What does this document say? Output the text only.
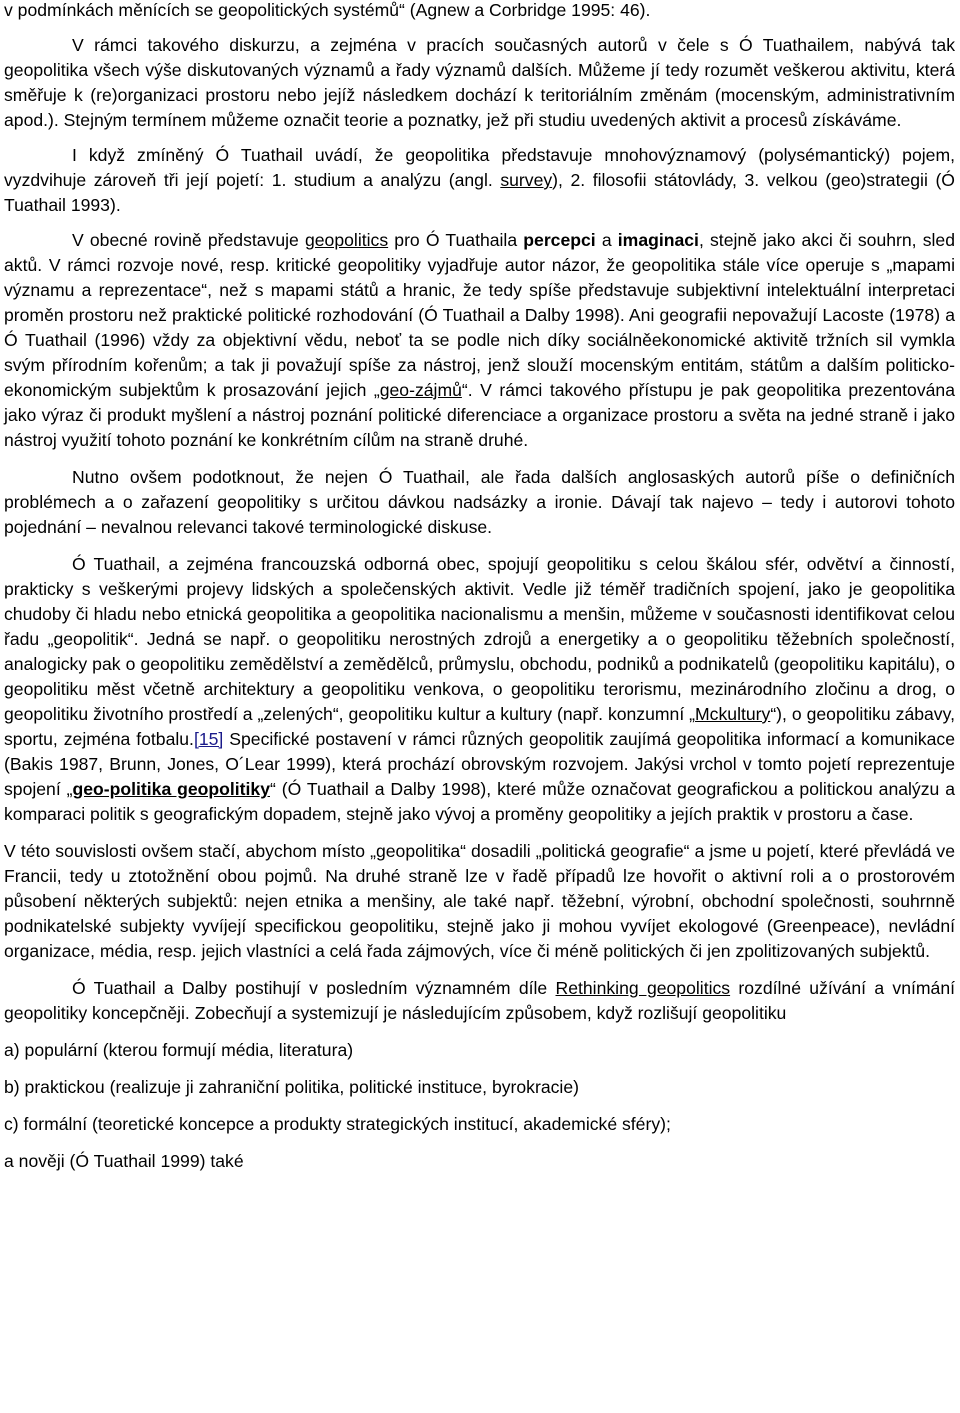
v podmínkách měnících se geopolitických systémů“ (Agnew a Corbridge 1995: 46).

V rámci takového diskurzu, a zejména v pracích současných autorů v čele s Ó Tuathailem, nabývá tak geopolitika všech výše diskutovaných významů a řady významů dalších. Můžeme jí tedy rozumět veškerou aktivitu, která směřuje k (re)organizaci prostoru nebo jejíž následkem dochází k teritoriálním změnám (mocenským, administrativním apod.). Stejným termínem můžeme označit teorie a poznatky, jež při studiu uvedených aktivit a procesů získáváme.

I když zmíněný Ó Tuathail uvádí, že geopolitika představuje mnohovýznamový (polysémantický) pojem, vyzdvihuje zároveň tři její pojetí: 1. studium a analýzu (angl. survey), 2. filosofii státovlády, 3. velkou (geo)strategii (Ó Tuathail 1993).

V obecné rovině představuje geopolitics pro Ó Tuathaila percepci a imaginaci, stejně jako akci či souhrn, sled aktů. V rámci rozvoje nové, resp. kritické geopolitiky vyjadřuje autor názor, že geopolitika stále více operuje s „mapami významu a reprezentace“, než s mapami států a hranic, že tedy spíše představuje subjektivní intelektuální interpretaci proměn prostoru než praktické politické rozhodování (Ó Tuathail a Dalby 1998). Ani geografii nepovažují Lacoste (1978) a Ó Tuathail (1996) vždy za objektivní vědu, neboť ta se podle nich díky sociálněekonomické aktivitě tržních sil vymkla svým přírodním kořenům; a tak ji považují spíše za nástroj, jenž slouží mocenským entitám, státům a dalším politicko-ekonomickým subjektům k prosazování jejich „geo-zájmů“. V rámci takového přístupu je pak geopolitika prezentována jako výraz či produkt myšlení a nástroj poznání politické diferenciace a organizace prostoru a světa na jedné straně i jako nástroj využití tohoto poznání ke konkrétním cílům na straně druhé.

Nutno ovšem podotknout, že nejen Ó Tuathail, ale řada dalších anglosaských autorů píše o definičních problémech a o zařazení geopolitiky s určitou dávkou nadsázky a ironie. Dávají tak najevo – tedy i autorovi tohoto pojednání – nevalnou relevanci takové terminologické diskuse.

Ó Tuathail, a zejména francouzská odborná obec, spojují geopolitiku s celou škálou sfér, odvětví a činností, prakticky s veškerými projevy lidských a společenských aktivit. Vedle již téměř tradičních spojení, jako je geopolitika chudoby či hladu nebo etnická geopolitika a geopolitika nacionalismu a menšin, můžeme v současnosti identifikovat celou řadu „geopolitik“. Jedná se např. o geopolitiku nerostných zdrojů a energetiky a o geopolitiku těžebních společností, analogicky pak o geopolitiku zemědělství a zemědělců, průmyslu, obchodu, podniků a podnikatelů (geopolitiku kapitálu), o geopolitiku měst včetně architektury a geopolitiku venkova, o geopolitiku terorismu, mezinárodního zločinu a drog, o geopolitiku životního prostředí a „zelených“, geopolitiku kultur a kultury (např. konzumní „Mckultury“), o geopolitiku zábavy, sportu, zejména fotbalu.[15] Specifické postavení v rámci různých geopolitik zaujímá geopolitika informací a komunikace (Bakis 1987, Brunn, Jones, O´Lear 1999), která prochází obrovským rozvojem. Jakýsi vrchol v tomto pojetí reprezentuje spojení „geo-politika geopolitiky“ (Ó Tuathail a Dalby 1998), které může označovat geografickou a politickou analýzu a komparaci politik s geografickým dopadem, stejně jako vývoj a proměny geopolitiky a jejích praktik v prostoru a čase.

V této souvislosti ovšem stačí, abychom místo „geopolitika“ dosadili „politická geografie“ a jsme u pojetí, které převládá ve Francii, tedy u ztotožnění obou pojmů. Na druhé straně lze v řadě případů lze hovořit o aktivní roli a o prostorovém působení některých subjektů: nejen etnika a menšiny, ale také např. těžební, výrobní, obchodní společnosti, souhrnně podnikatelské subjekty vyvíjejí specifickou geopolitiku, stejně jako ji mohou vyvíjet ekologové (Greenpeace), nevládní organizace, média, resp. jejich vlastníci a celá řada zájmových, více či méně politických či jen zpolitizovaných subjektů.

Ó Tuathail a Dalby postihují v posledním významném díle Rethinking geopolitics rozdílné užívání a vnímání geopolitiky koncepčněji. Zobecňují a systemizují je následujícím způsobem, když rozlišují geopolitiku

a) populární (kterou formují média, literatura)

b) praktickou (realizuje ji zahraniční politika, politické instituce, byrokracie)

c) formální (teoretické koncepce a produkty strategických institucí, akademické sféry);

a nověji (Ó Tuathail 1999) také
